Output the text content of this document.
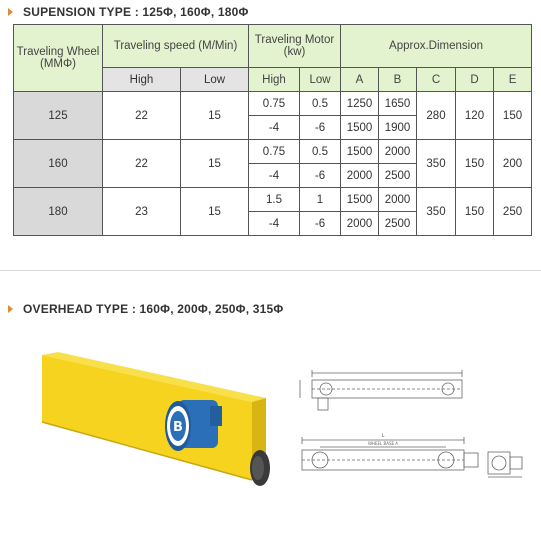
SUPENSION TYPE : 125Φ, 160Φ, 180Φ
Traveling Wheel (MMΦ)	Traveling speed (M/Min)		Traveling Motor (kw)		Approx.Dimension				
	High	Low	High	Low	A	B	C	D	E
125	22	15	0.75	0.5	1250	1650	280	120	150
			-4	-6	1500	1900			
160	22	15	0.75	0.5	1500	2000	350	150	200
			-4	-6	2000	2500			
180	23	15	1.5	1	1500	2000	350	150	250
			-4	-6	2000	2500			
OVERHEAD TYPE : 160Φ, 200Φ, 250Φ, 315Φ
B
L
WHEEL BASE A
